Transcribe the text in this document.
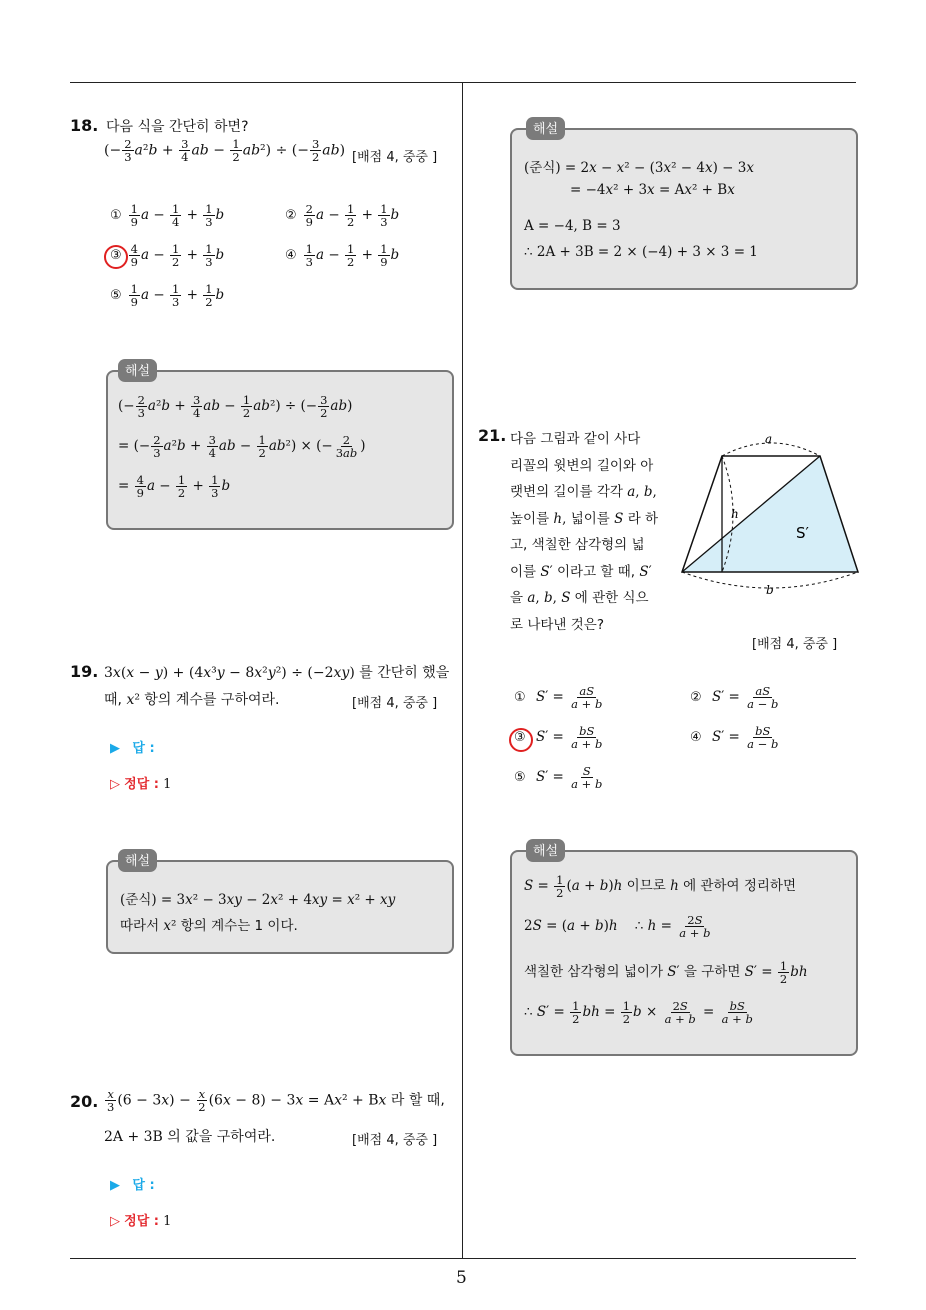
5
18. 다음 식을 간단히 하면?
(− $\frac{2}{3} a^2b + \frac{3}{4}$ ab − $\frac{1}{2} ab^2$) ÷ (− $\frac{3}{2} ab$) [배점 4, 중중 ]
① $\frac{1}{9}$ $a - \frac{1}{4} + \frac{1}{3}$ b	② $\frac{2}{9}$ $a - \frac{1}{2} + \frac{1}{3}$ b
③ $\frac{4}{9}$ $a - \frac{1}{2} + \frac{1}{3}$ b	④ $\frac{1}{3}$ $a - \frac{1}{2} + \frac{1}{9}$ b
⑤ $\frac{1}{9}$ $a - \frac{1}{3} + \frac{1}{2}$ b
해설
(− $\frac{2}{3} a^2b + \frac{3}{4}$ ab − $\frac{1}{2} ab^2$) ÷ (− $\frac{3}{2} ab$)
= (− $\frac{2}{3} a^2b + \frac{3}{4}$ ab − $\frac{1}{2} ab^2$) × (− $\frac{2}{3ab}$ )
= $\frac{4}{9}$ $a - \frac{1}{2} + \frac{1}{3}$ b
19. 3x(x − y) + (4x³y − 8x²y²) ÷ (−2xy) 를 간단히 했을
때, x² 항의 계수를 구하여라.	[배점 4, 중중 ]
▶ 답 :
▷ 정답 : 1
해설
(준식) = 3x² − 3xy − 2x² + 4xy = x² + xy
따라서 x² 항의 계수는 1 이다.
20. $\frac{x}{3} (6 - 3x) - \frac{x}{2} (6x - 8) - 3x = Ax^2 + Bx$ 라 할 때,
2A + 3B 의 값을 구하여라.	[배점 4, 중중 ]
▶ 답 :
▷ 정답 : 1
해설
(준식) = 2x − x² − (3x² − 4x) − 3x
= −4x² + 3x = Ax² + Bx
A = −4, B = 3
∴ 2A + 3B = 2 × (−4) + 3 × 3 = 1
21. 다음 그림과 같이 사다
리꼴의 윗변의 길이와 아
랫변의 길이를 각각 a, b,
높이를 h, 넓이를 S 라 하
고, 색칠한 삼각형의 넓
이를 S′ 이라고 할 때, S′
을 a, b, S 에 관한 식으
로 나타낸 것은?
a
b
h
S′
[배점 4, 중중 ]
① $S' = \frac{aS}{a + b}$	② $S' = \frac{aS}{a - b}$
③ $S' = \frac{bS}{a + b}$	④ $S' = \frac{bS}{a - b}$
⑤ $S' = \frac{S}{a + b}$
해설
$S = \frac{1}{2} (a + b)h$ 이므로 h 에 관하여 정리하면
2S = (a + b)h    ∴ $h = \frac{2S}{a + b}$
색칠한 삼각형의 넓이가 S′ 을 구하면 $S' = \frac{1}{2}$ bh
∴ $S' = \frac{1}{2}$ bh = $\frac{1}{2}$ $b \times \frac{2S}{a + b} = \frac{bS}{a + b}$
